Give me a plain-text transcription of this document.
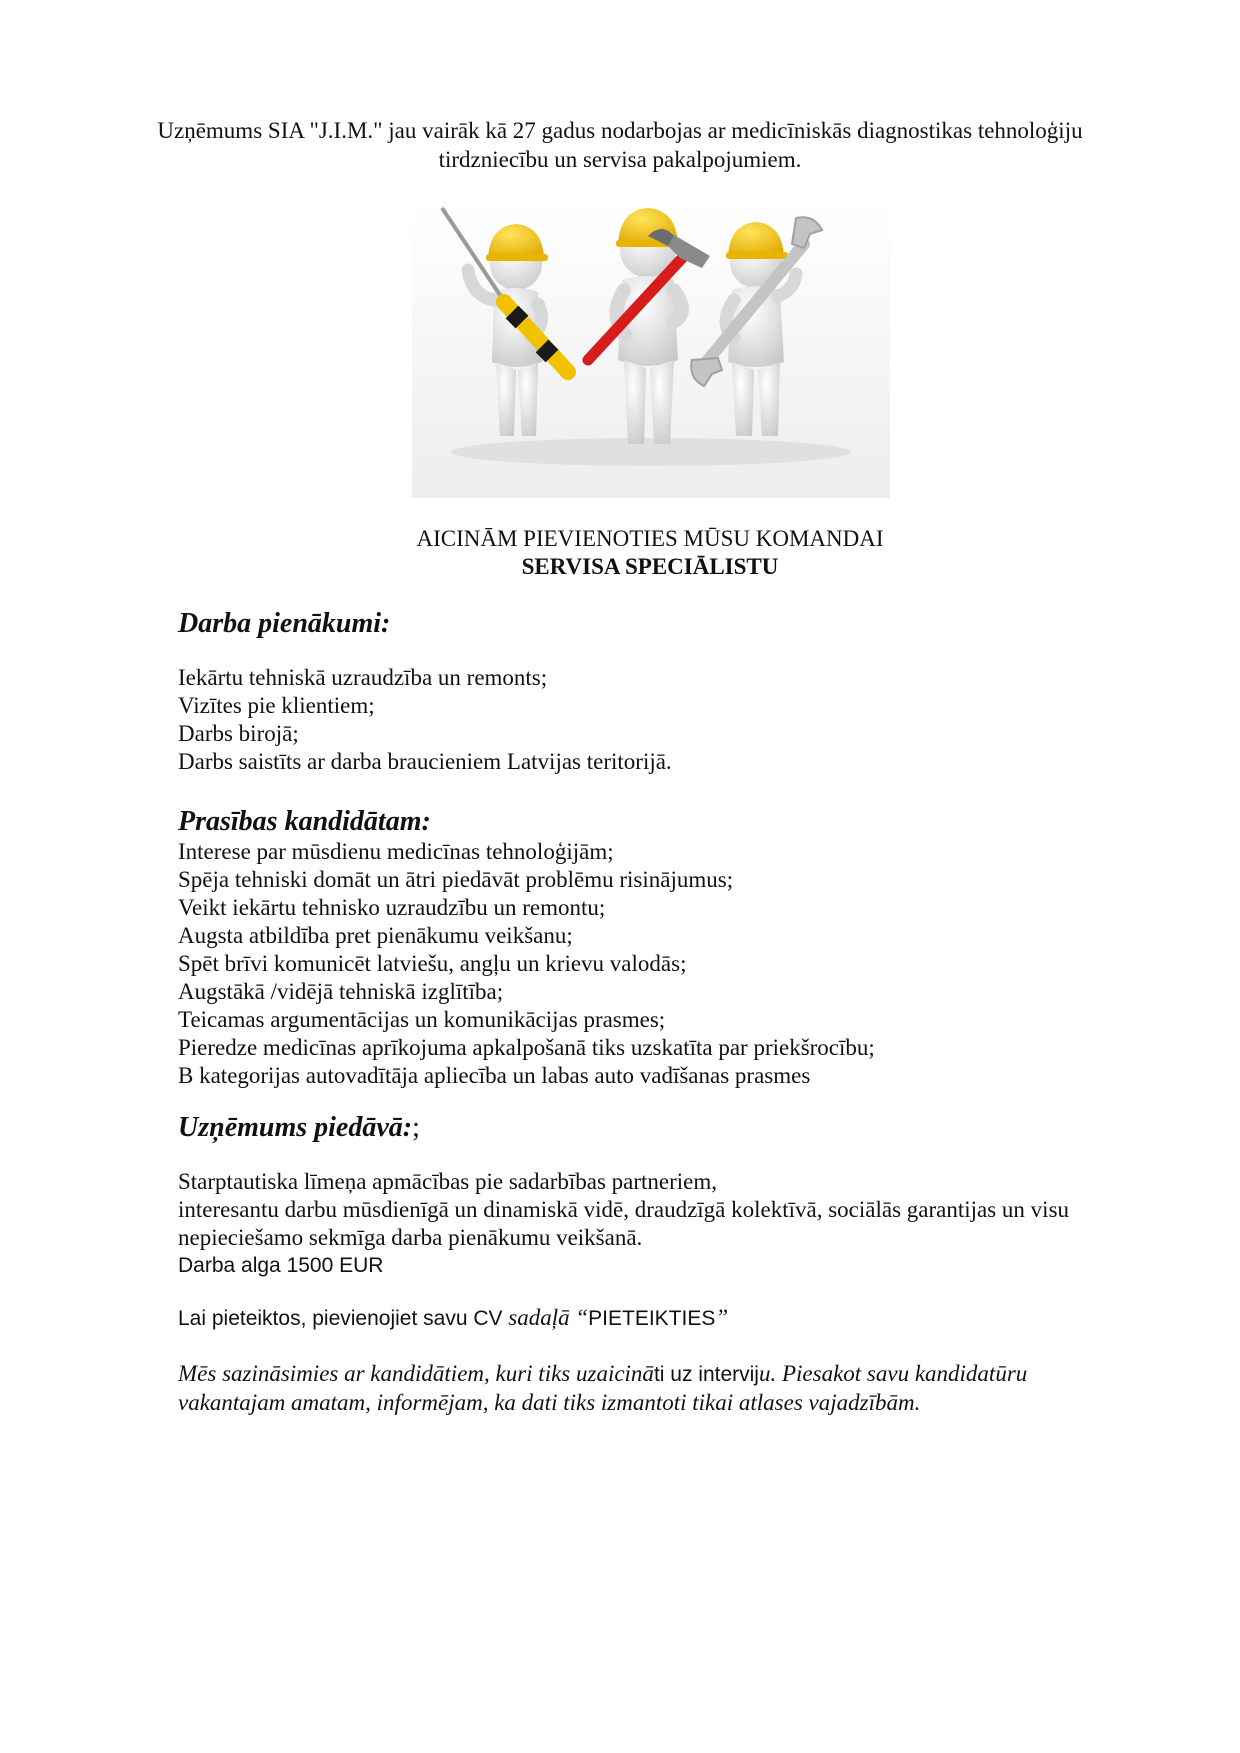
Uzņēmums SIA "J.I.M." jau vairāk kā 27 gadus nodarbojas ar medicīniskās diagnostikas tehnoloģiju tirdzniecību un servisa pakalpojumiem.
AICINĀM PIEVIENOTIES MŪSU KOMANDAI
SERVISA SPECIĀLISTU
Darba pienākumi:
Iekārtu tehniskā uzraudzība un remonts;
Vizītes pie klientiem;
Darbs birojā;
Darbs saistīts ar darba braucieniem Latvijas teritorijā.
Prasības kandidātam:
Interese par mūsdienu medicīnas tehnoloģijām;
Spēja tehniski domāt un ātri piedāvāt problēmu risinājumus;
Veikt iekārtu tehnisko uzraudzību un remontu;
Augsta atbildība pret pienākumu veikšanu;
Spēt brīvi komunicēt latviešu, angļu un krievu valodās;
Augstākā /vidējā tehniskā izglītība;
Teicamas argumentācijas un komunikācijas prasmes;
Pieredze medicīnas aprīkojuma apkalpošanā tiks uzskatīta par priekšrocību;
B kategorijas autovadītāja apliecība un labas auto vadīšanas prasmes
Uzņēmums piedāvā:;
Starptautiska līmeņa apmācības pie sadarbības partneriem,
interesantu darbu mūsdienīgā un dinamiskā vidē, draudzīgā kolektīvā, sociālās garantijas un visu nepieciešamo sekmīga darba pienākumu veikšanā.
Darba alga 1500 EUR
Lai pieteiktos, pievienojiet savu CV sadaļā “PIETEIKTIES”
Mēs sazināsimies ar kandidātiem, kuri tiks uzaicināti uz interviju. Piesakot savu kandidatūru vakantajam amatam, informējam, ka dati tiks izmantoti tikai atlases vajadzībām.
